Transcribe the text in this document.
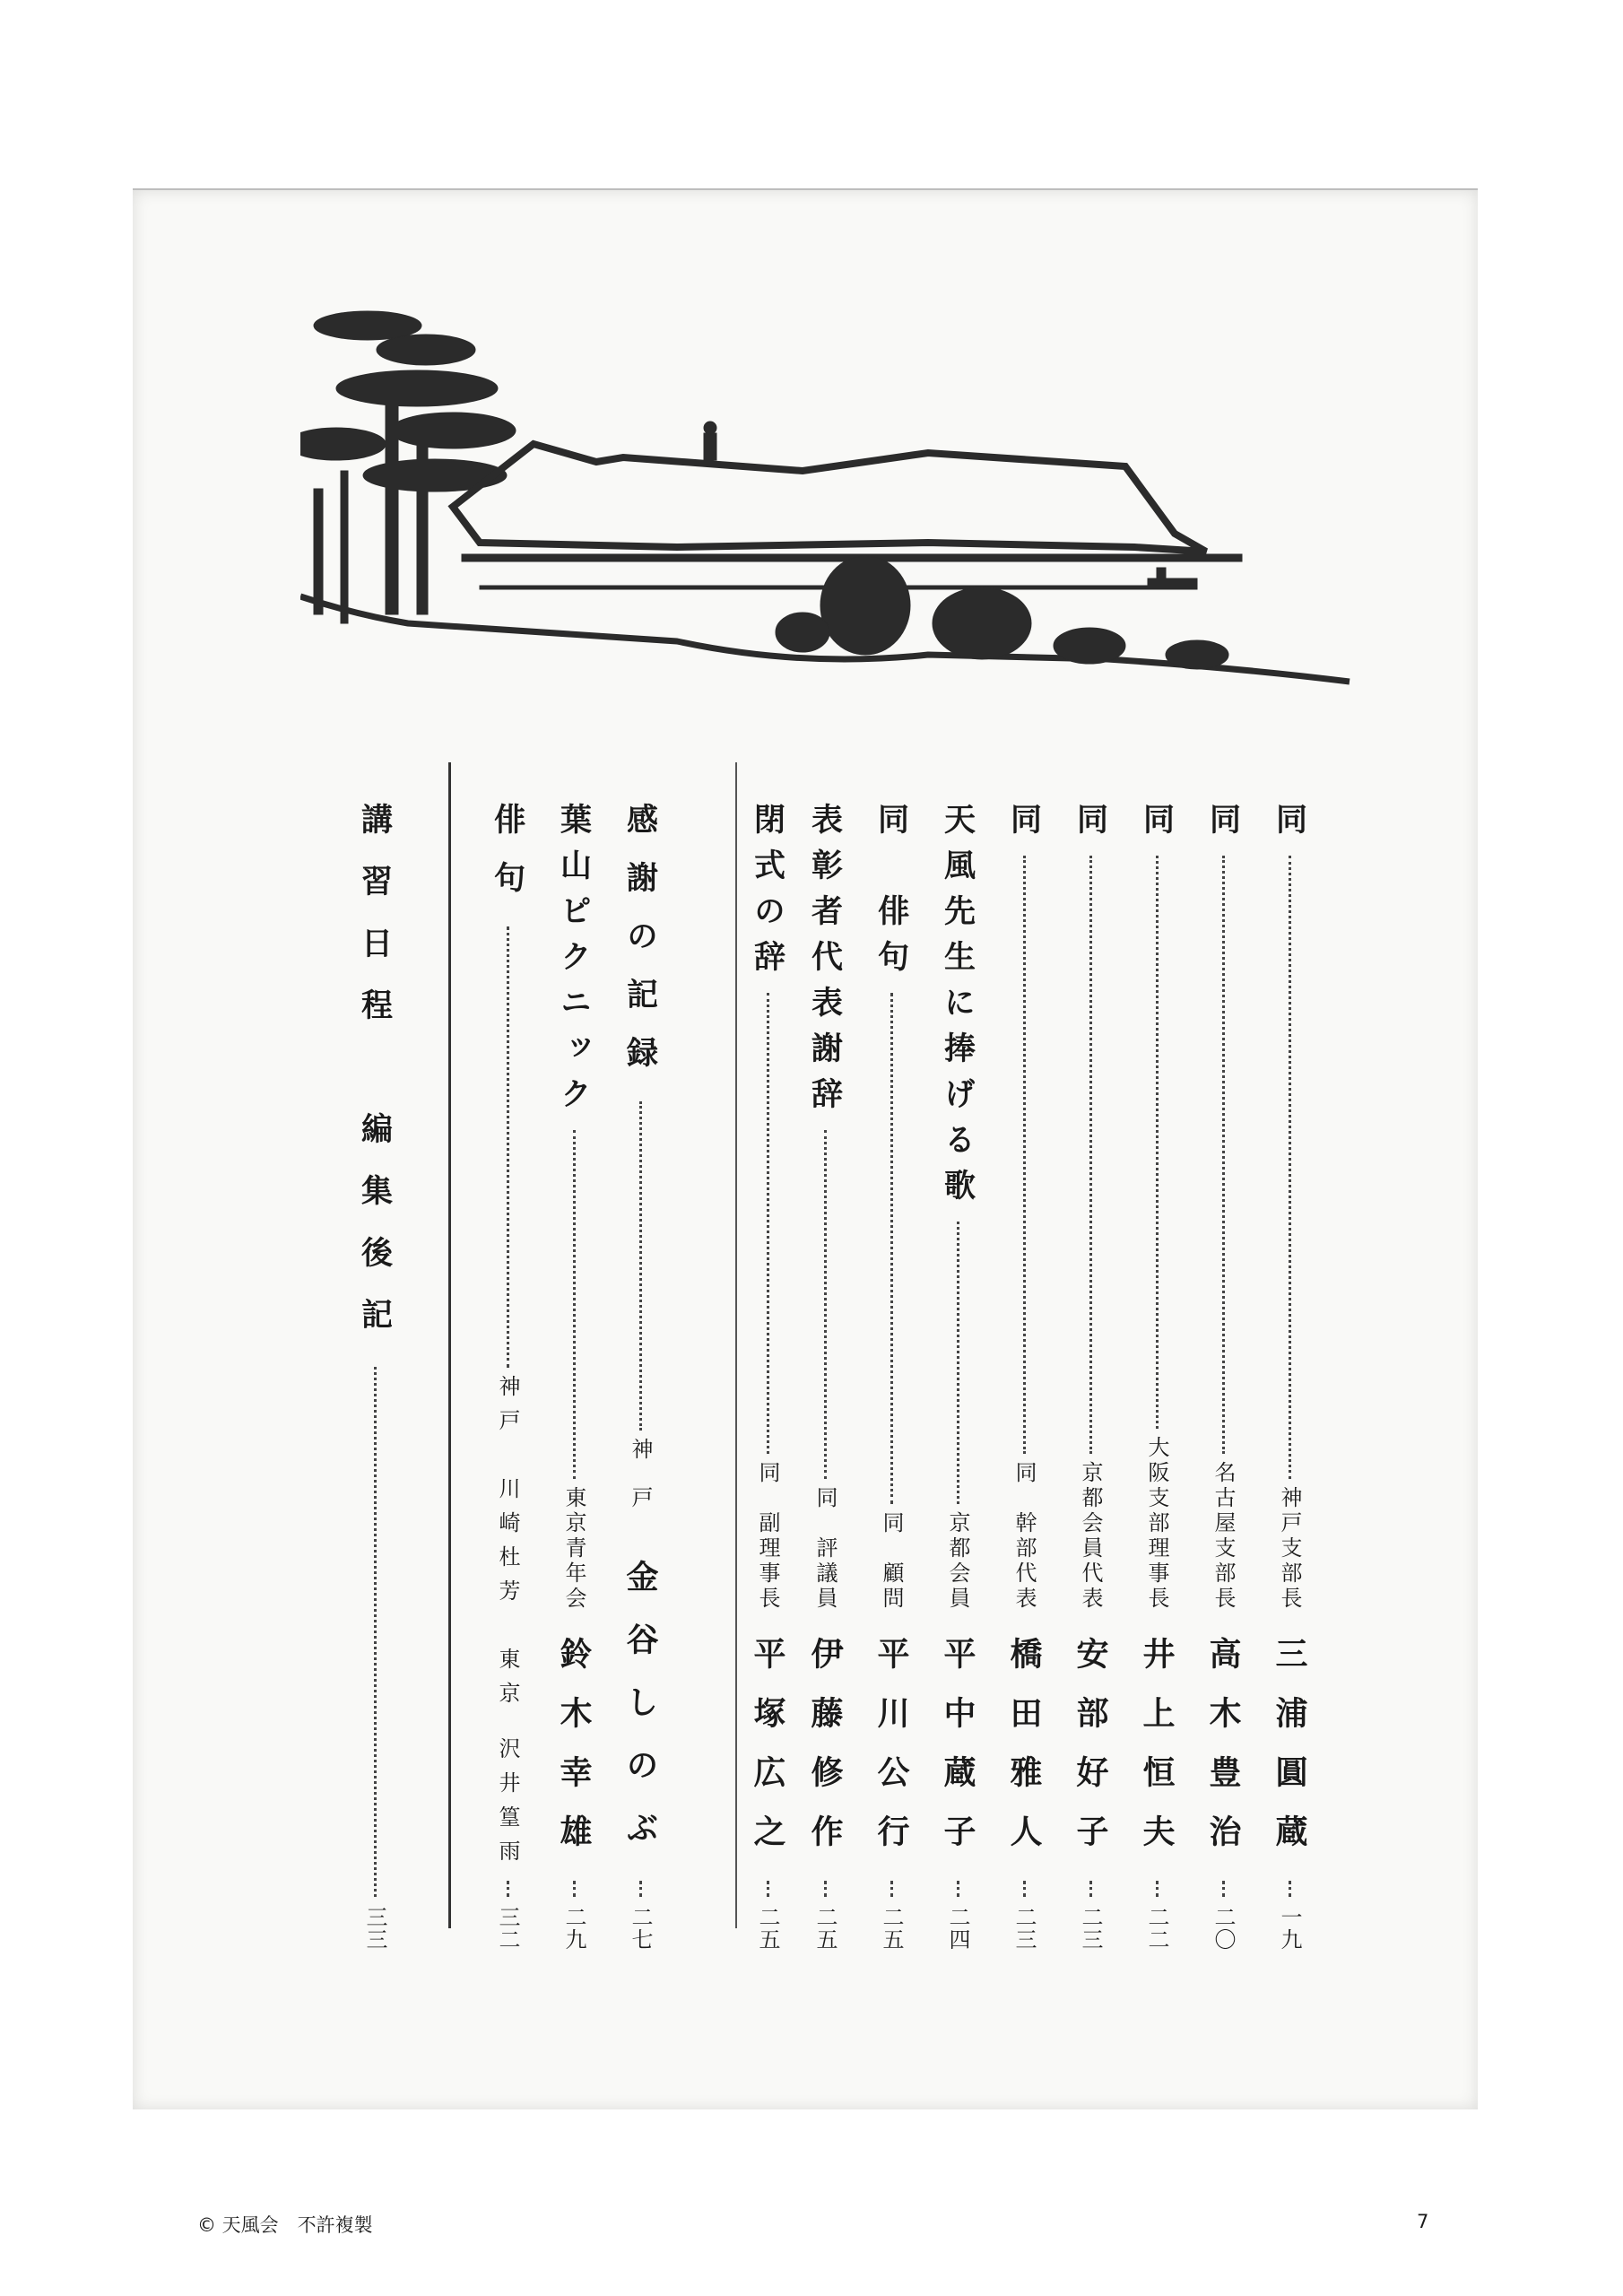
同
神戸支部長
三浦圓蔵
一九
同
名古屋支部長
高木豊治
二〇
同
大阪支部理事長
井上恒夫
二二
同
京都会員代表
安部好子
二三
同
同　幹部代表
橋田雅人
二三
天風先生に捧げる歌
京都会員
平中蔵子
二四
同　俳句
同　顧問
平川公行
二五
表彰者代表謝辞
同　評議員
伊藤修作
二五
閉式の辞
同　副理事長
平塚広之
二五
感謝の記録
神戸
金谷しのぶ
二七
葉山ピクニック
東京青年会
鈴木幸雄
二九
俳句
神戸　川崎杜芳　東京
沢井篁雨
三二
講習日程　編集後記
三三
© 天風会　不許複製	7
